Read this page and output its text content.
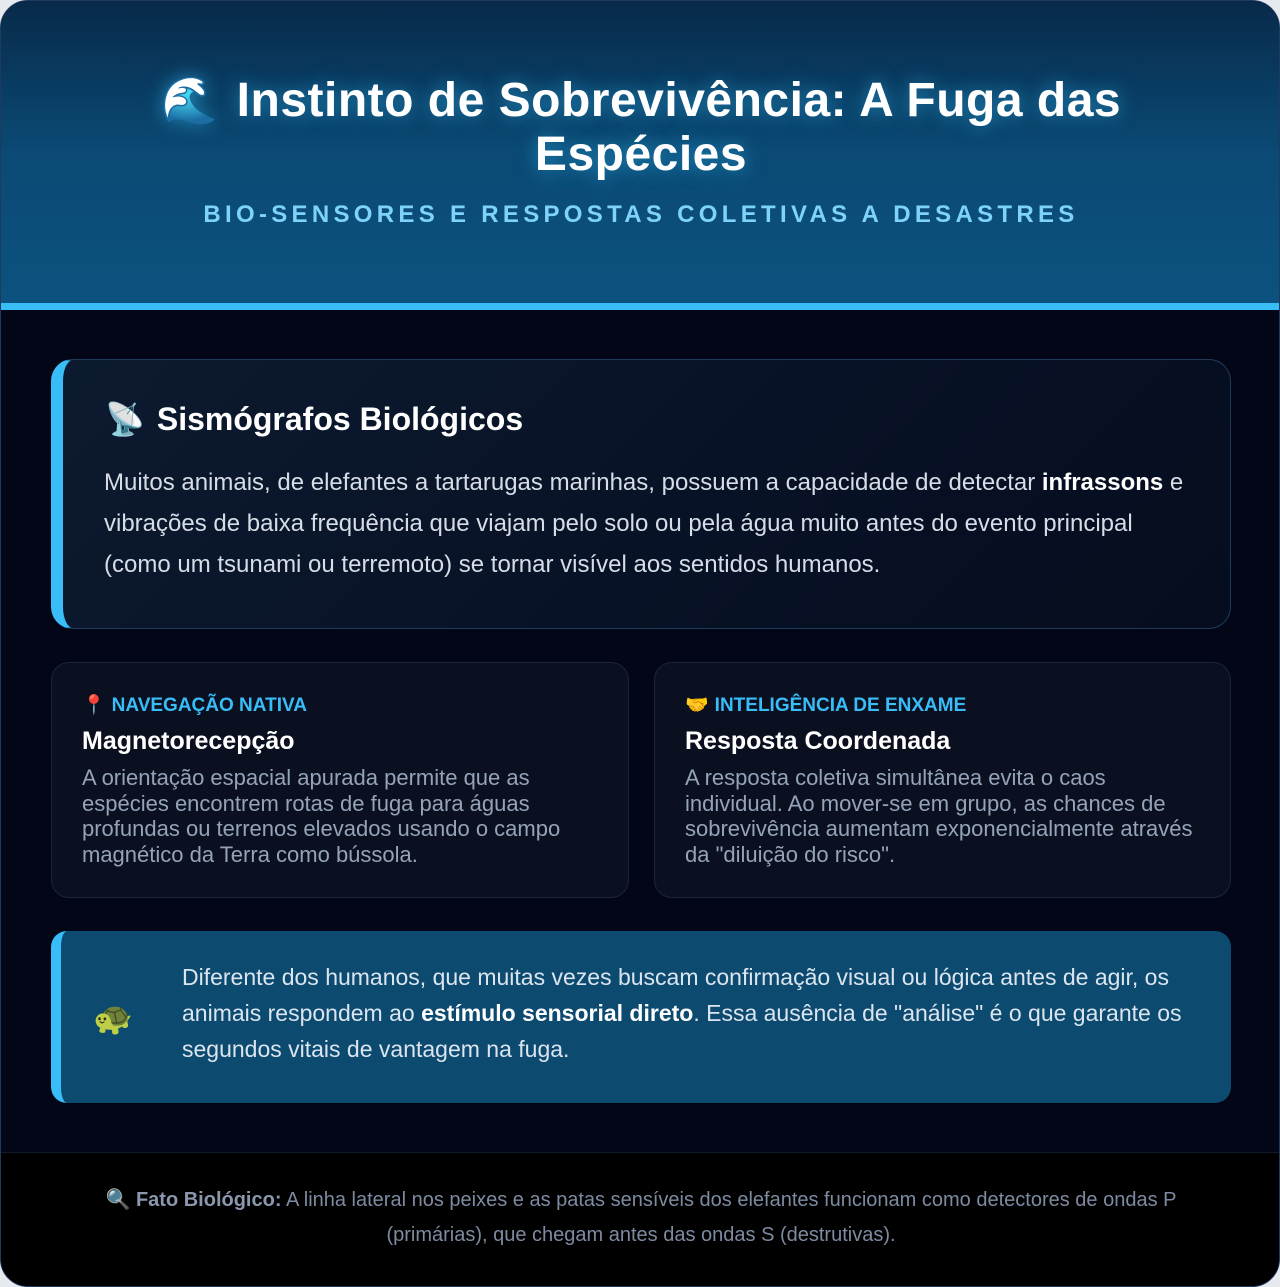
🌊 Instinto de Sobrevivência: A Fuga das Espécies
BIO-SENSORES E RESPOSTAS COLETIVAS A DESASTRES
📡 Sismógrafos Biológicos

Muitos animais, de elefantes a tartarugas marinhas, possuem a capacidade de detectar infrassons e vibrações de baixa frequência que viajam pelo solo ou pela água muito antes do evento principal (como um tsunami ou terremoto) se tornar visível aos sentidos humanos.

📍 NAVEGAÇÃO NATIVA
Magnetorecepção

A orientação espacial apurada permite que as espécies encontrem rotas de fuga para águas profundas ou terrenos elevados usando o campo magnético da Terra como bússola.

🤝 INTELIGÊNCIA DE ENXAME
Resposta Coordenada

A resposta coletiva simultânea evita o caos individual. Ao mover-se em grupo, as chances de sobrevivência aumentam exponencialmente através da "diluição do risco".

🐢

Diferente dos humanos, que muitas vezes buscam confirmação visual ou lógica antes de agir, os animais respondem ao estímulo sensorial direto. Essa ausência de "análise" é o que garante os segundos vitais de vantagem na fuga.

🔍 Fato Biológico: A linha lateral nos peixes e as patas sensíveis dos elefantes funcionam como detectores de ondas P (primárias), que chegam antes das ondas S (destrutivas).
